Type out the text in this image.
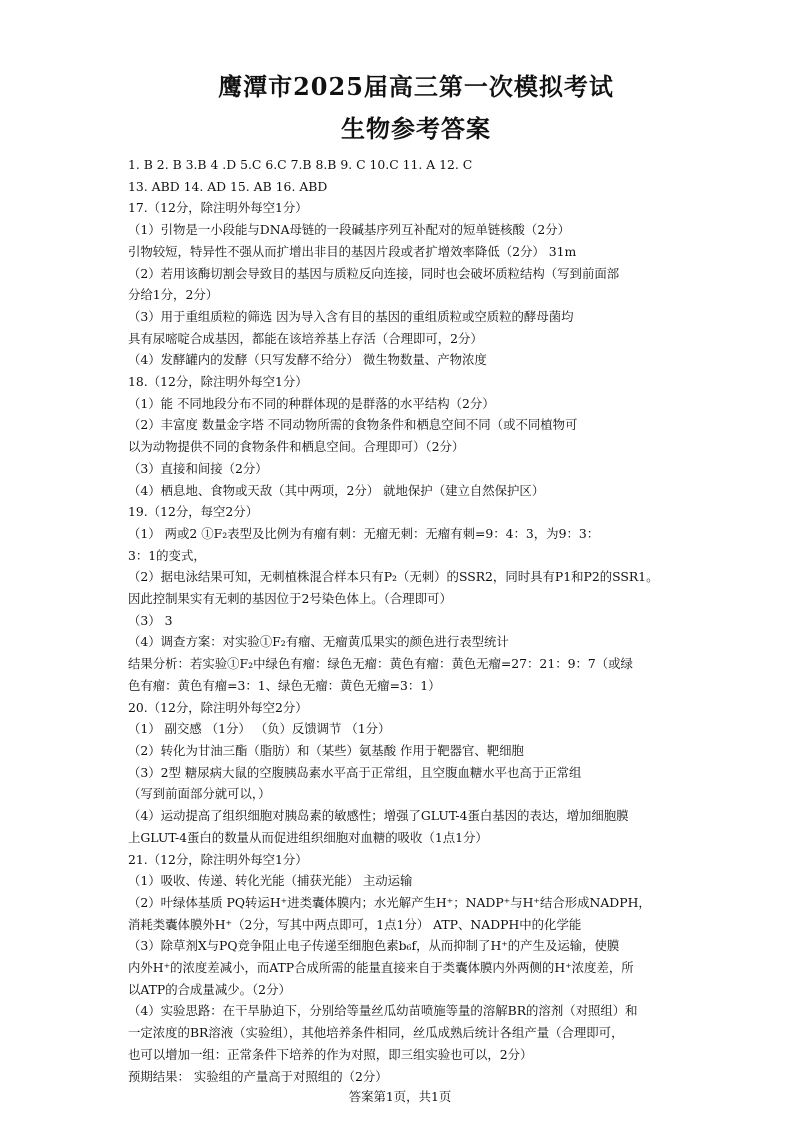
鹰潭市2025届高三第一次模拟考试
生物参考答案
1. B 2. B 3.B 4 .D 5.C 6.C 7.B 8.B 9. C 10.C 11. A 12. C
13. ABD 14. AD 15. AB 16. ABD
17.（12分，除注明外每空1分）
（1）引物是一小段能与DNA母链的一段碱基序列互补配对的短单链核酸（2分）
引物较短，特异性不强从而扩增出非目的基因片段或者扩增效率降低（2分） 31m
（2）若用该酶切割会导致目的基因与质粒反向连接，同时也会破坏质粒结构（写到前面部
分给1分，2分）
（3）用于重组质粒的筛选 因为导入含有目的基因的重组质粒或空质粒的酵母菌均
具有尿嘧啶合成基因，都能在该培养基上存活（合理即可，2分）
（4）发酵罐内的发酵（只写发酵不给分） 微生物数量、产物浓度
18.（12分，除注明外每空1分）
（1）能 不同地段分布不同的种群体现的是群落的水平结构（2分）
（2）丰富度 数量金字塔 不同动物所需的食物条件和栖息空间不同（或不同植物可
以为动物提供不同的食物条件和栖息空间。合理即可）（2分）
（3）直接和间接（2分）
（4）栖息地、食物或天敌（其中两项，2分） 就地保护（建立自然保护区）
19.（12分，每空2分）
（1） 两或2 ①F₂表型及比例为有瘤有刺：无瘤无刺：无瘤有刺=9：4：3，为9：3：
3：1的变式，
（2）据电泳结果可知，无刺植株混合样本只有P₂（无刺）的SSR2，同时具有P1和P2的SSR1。
因此控制果实有无刺的基因位于2号染色体上。（合理即可）
（3） 3
（4）调查方案：对实验①F₂有瘤、无瘤黄瓜果实的颜色进行表型统计
结果分析：若实验①F₂中绿色有瘤：绿色无瘤：黄色有瘤：黄色无瘤=27：21：9：7（或绿
色有瘤：黄色有瘤=3：1、绿色无瘤：黄色无瘤=3：1）
20.（12分，除注明外每空2分）
（1） 副交感 （1分） （负）反馈调节 （1分）
（2）转化为甘油三酯（脂肪）和（某些）氨基酸 作用于靶器官、靶细胞
（3）2型 糖尿病大鼠的空腹胰岛素水平高于正常组，且空腹血糖水平也高于正常组
（写到前面部分就可以，）
（4）运动提高了组织细胞对胰岛素的敏感性；增强了GLUT-4蛋白基因的表达，增加细胞膜
上GLUT-4蛋白的数量从而促进组织细胞对血糖的吸收（1点1分）
21.（12分，除注明外每空1分）
（1）吸收、传递、转化光能（捕获光能） 主动运输
（2）叶绿体基质 PQ转运H⁺进类囊体膜内；水光解产生H⁺；NADP⁺与H⁺结合形成NADPH，
消耗类囊体膜外H⁺（2分，写其中两点即可，1点1分） ATP、NADPH中的化学能
（3）除草剂X与PQ竞争阻止电子传递至细胞色素b₆f，从而抑制了H⁺的产生及运输，使膜
内外H⁺的浓度差减小，而ATP合成所需的能量直接来自于类囊体膜内外两侧的H⁺浓度差，所
以ATP的合成量减少。（2分）
（4）实验思路：在干旱胁迫下，分别给等量丝瓜幼苗喷施等量的溶解BR的溶剂（对照组）和
一定浓度的BR溶液（实验组），其他培养条件相同，丝瓜成熟后统计各组产量（合理即可，
也可以增加一组：正常条件下培养的作为对照，即三组实验也可以，2分）
预期结果： 实验组的产量高于对照组的（2分）
答案第1页，共1页
